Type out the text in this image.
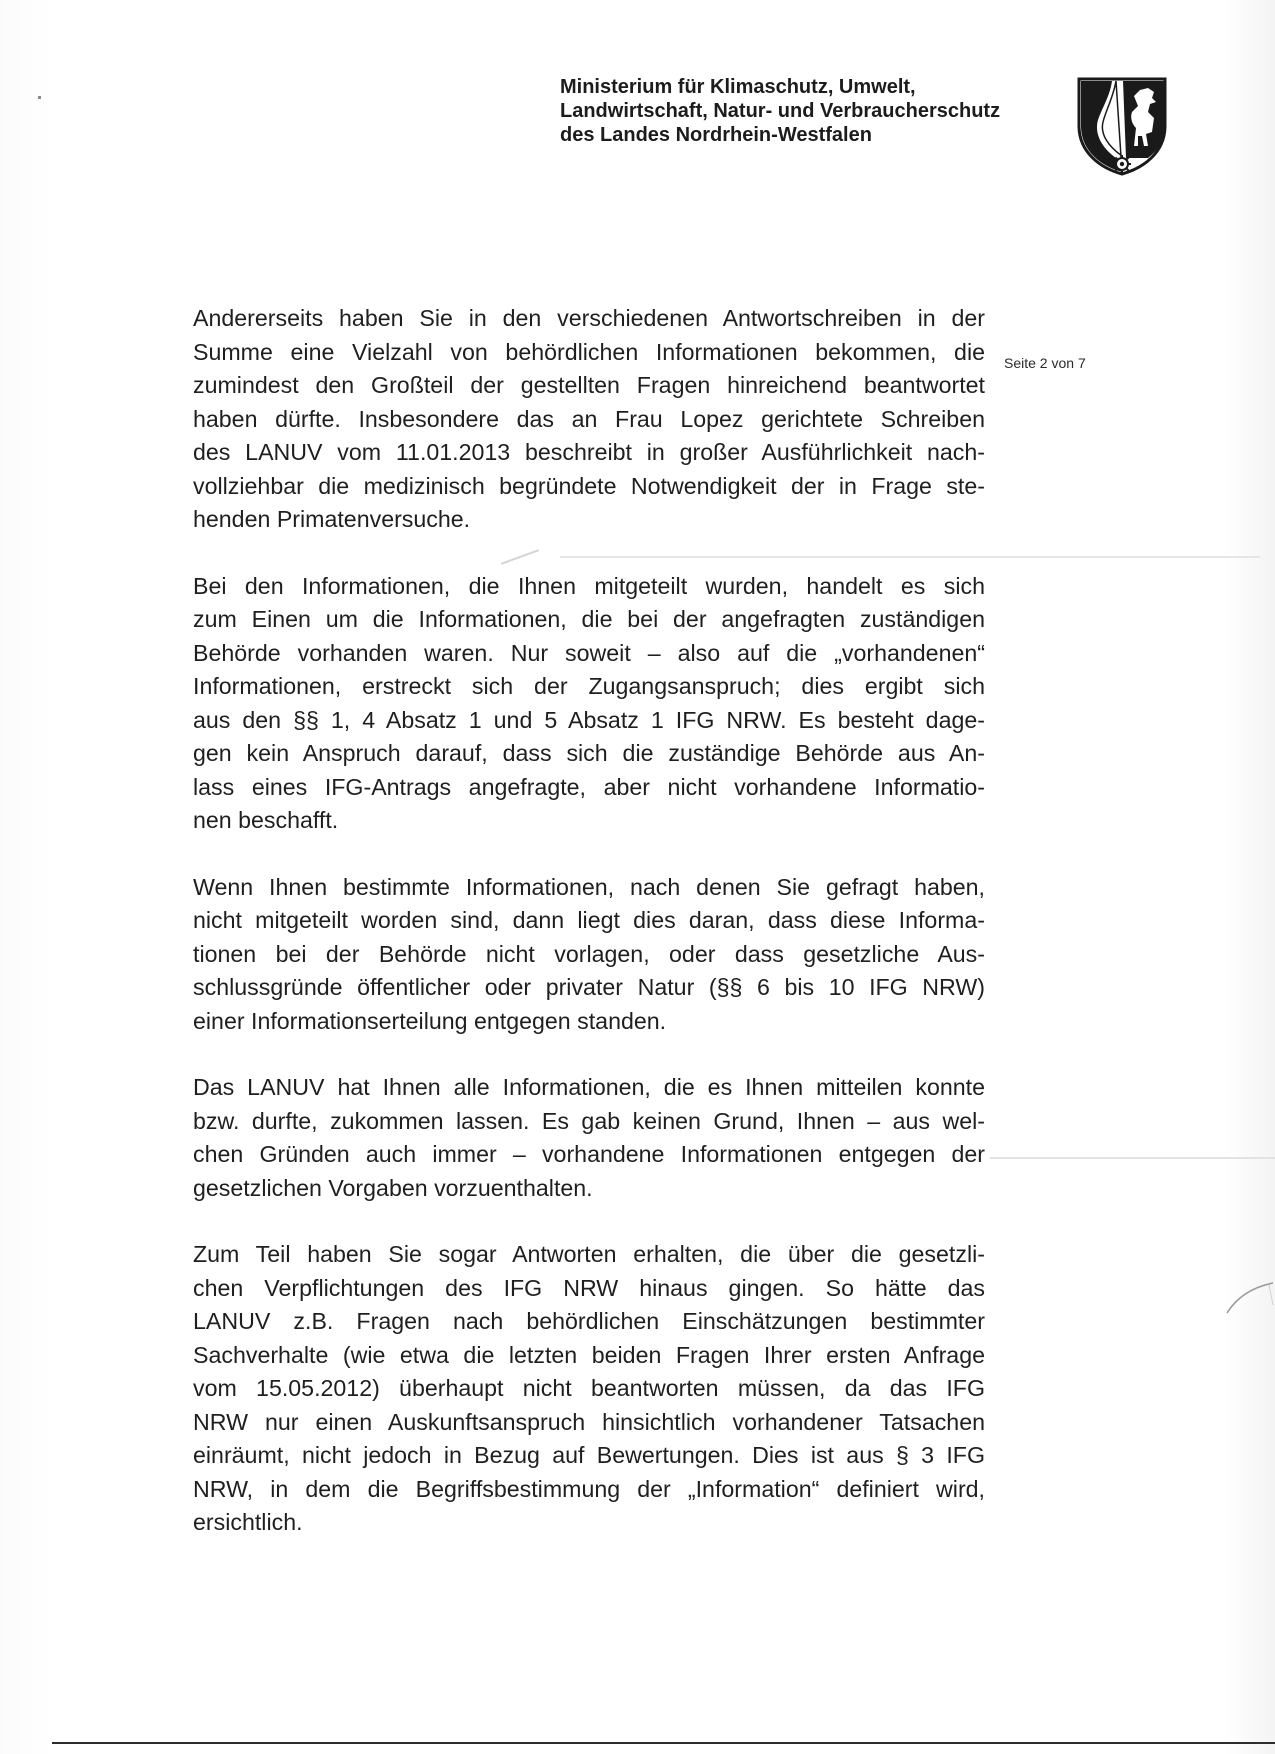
Ministerium für Klimaschutz, Umwelt,
Landwirtschaft, Natur- und Verbraucherschutz
des Landes Nordrhein-Westfalen
Seite 2 von 7
Andererseits haben Sie in den verschiedenen Antwortschreiben in der
Summe eine Vielzahl von behördlichen Informationen bekommen, die
zumindest den Großteil der gestellten Fragen hinreichend beantwortet
haben dürfte. Insbesondere das an Frau Lopez gerichtete Schreiben
des LANUV vom 11.01.2013 beschreibt in großer Ausführlichkeit nach-
vollziehbar die medizinisch begründete Notwendigkeit der in Frage ste-
henden Primatenversuche.
Bei den Informationen, die Ihnen mitgeteilt wurden, handelt es sich
zum Einen um die Informationen, die bei der angefragten zuständigen
Behörde vorhanden waren. Nur soweit – also auf die „vorhandenen“
Informationen, erstreckt sich der Zugangsanspruch; dies ergibt sich
aus den §§ 1, 4 Absatz 1 und 5 Absatz 1 IFG NRW. Es besteht dage-
gen kein Anspruch darauf, dass sich die zuständige Behörde aus An-
lass eines IFG-Antrags angefragte, aber nicht vorhandene Informatio-
nen beschafft.
Wenn Ihnen bestimmte Informationen, nach denen Sie gefragt haben,
nicht mitgeteilt worden sind, dann liegt dies daran, dass diese Informa-
tionen bei der Behörde nicht vorlagen, oder dass gesetzliche Aus-
schlussgründe öffentlicher oder privater Natur (§§ 6 bis 10 IFG NRW)
einer Informationserteilung entgegen standen.
Das LANUV hat Ihnen alle Informationen, die es Ihnen mitteilen konnte
bzw. durfte, zukommen lassen. Es gab keinen Grund, Ihnen – aus wel-
chen Gründen auch immer – vorhandene Informationen entgegen der
gesetzlichen Vorgaben vorzuenthalten.
Zum Teil haben Sie sogar Antworten erhalten, die über die gesetzli-
chen Verpflichtungen des IFG NRW hinaus gingen. So hätte das
LANUV z.B. Fragen nach behördlichen Einschätzungen bestimmter
Sachverhalte (wie etwa die letzten beiden Fragen Ihrer ersten Anfrage
vom 15.05.2012) überhaupt nicht beantworten müssen, da das IFG
NRW nur einen Auskunftsanspruch hinsichtlich vorhandener Tatsachen
einräumt, nicht jedoch in Bezug auf Bewertungen. Dies ist aus § 3 IFG
NRW, in dem die Begriffsbestimmung der „Information“ definiert wird,
ersichtlich.
